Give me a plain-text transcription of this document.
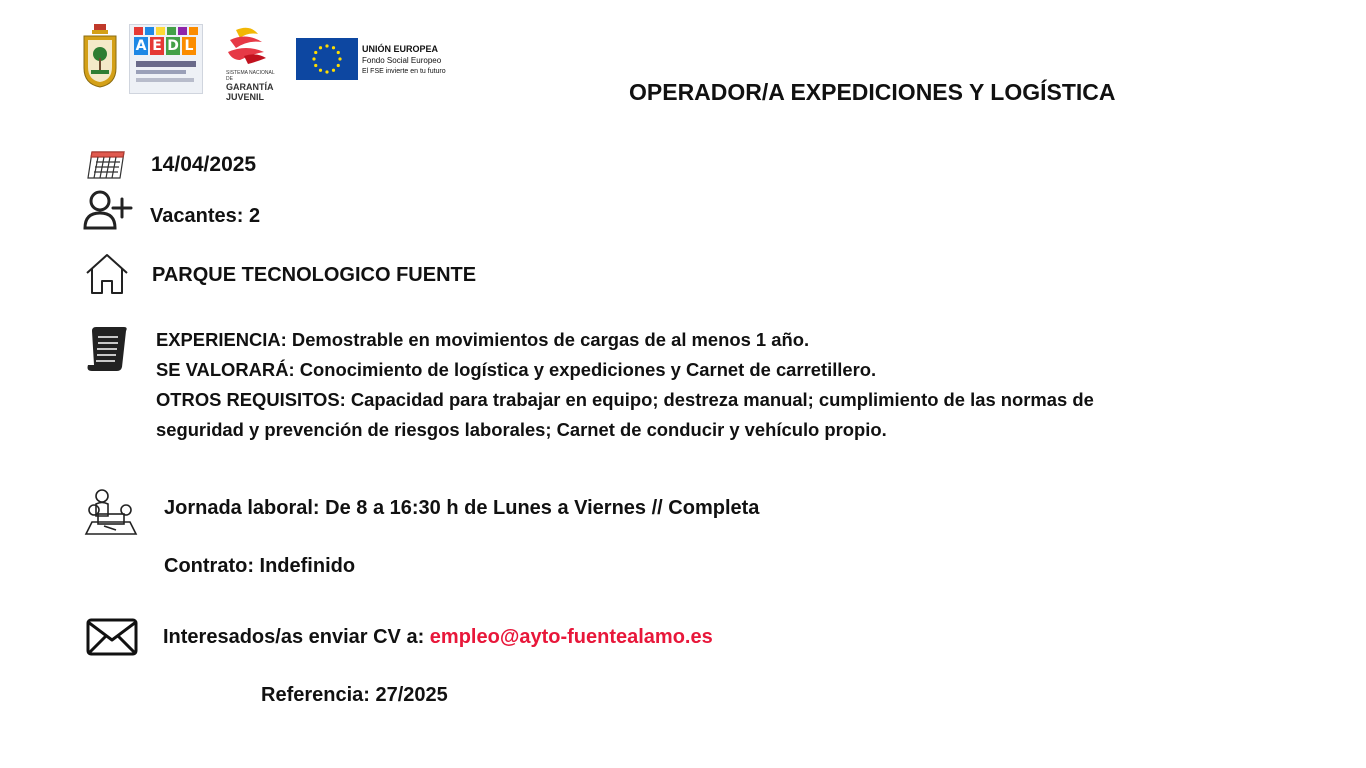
A E D L
SISTEMA NACIONAL DE
GARANTÍA
JUVENIL
UNIÓN EUROPEA
Fondo Social Europeo
El FSE invierte en tu futuro
OPERADOR/A EXPEDICIONES Y LOGÍSTICA
14/04/2025
Vacantes: 2
PARQUE TECNOLOGICO FUENTE
EXPERIENCIA: Demostrable en movimientos de cargas de al menos 1 año.
SE VALORARÁ: Conocimiento de logística y expediciones y Carnet de carretillero.
OTROS REQUISITOS: Capacidad para trabajar en equipo; destreza manual; cumplimiento de las normas de
seguridad y prevención de riesgos laborales; Carnet de conducir y vehículo propio.
Jornada laboral: De 8 a 16:30 h de Lunes a Viernes // Completa
Contrato: Indefinido
Interesados/as enviar CV a: empleo@ayto-fuentealamo.es
Referencia: 27/2025
